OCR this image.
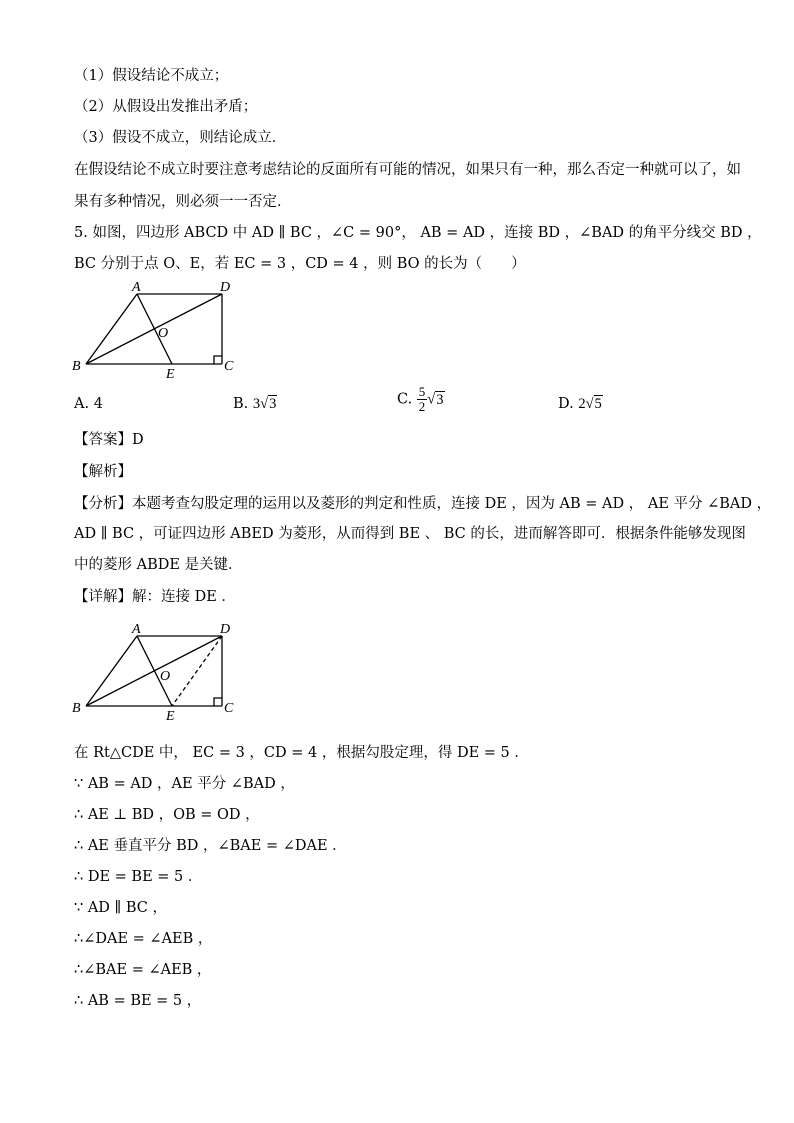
（1）假设结论不成立；
（2）从假设出发推出矛盾；
（3）假设不成立，则结论成立．
在假设结论不成立时要注意考虑结论的反面所有可能的情况，如果只有一种，那么否定一种就可以了，如
果有多种情况，则必须一一否定．
5. 如图，四边形 ABCD 中 AD ∥ BC ，∠C = 90°， AB = AD ，连接 BD ，∠BAD 的角平分线交 BD ，
BC 分别于点 O、E，若 EC = 3 ，CD = 4 ，则 BO 的长为（　　）
A	D
O
B
E
C
A. 4	B. 3√3	C. $\frac{5}{2} √3$	D. 2√5
【答案】D
【解析】
【分析】本题考查勾股定理的运用以及菱形的判定和性质，连接 DE ，因为 AB = AD ， AE 平分 ∠BAD ，
AD ∥ BC ，可证四边形 ABED 为菱形，从而得到 BE 、 BC 的长，进而解答即可．根据条件能够发现图
中的菱形 ABDE 是关键．
【详解】解：连接 DE ．
A	D
O
B
E
C
在 Rt△CDE 中， EC = 3 ，CD = 4 ，根据勾股定理，得 DE = 5 ．
∵ AB = AD ，AE 平分 ∠BAD ，
∴ AE ⊥ BD ，OB = OD ，
∴ AE 垂直平分 BD ，∠BAE = ∠DAE ．
∴ DE = BE = 5 ．
∵ AD ∥ BC ，
∴∠DAE = ∠AEB ，
∴∠BAE = ∠AEB ，
∴ AB = BE = 5 ，
